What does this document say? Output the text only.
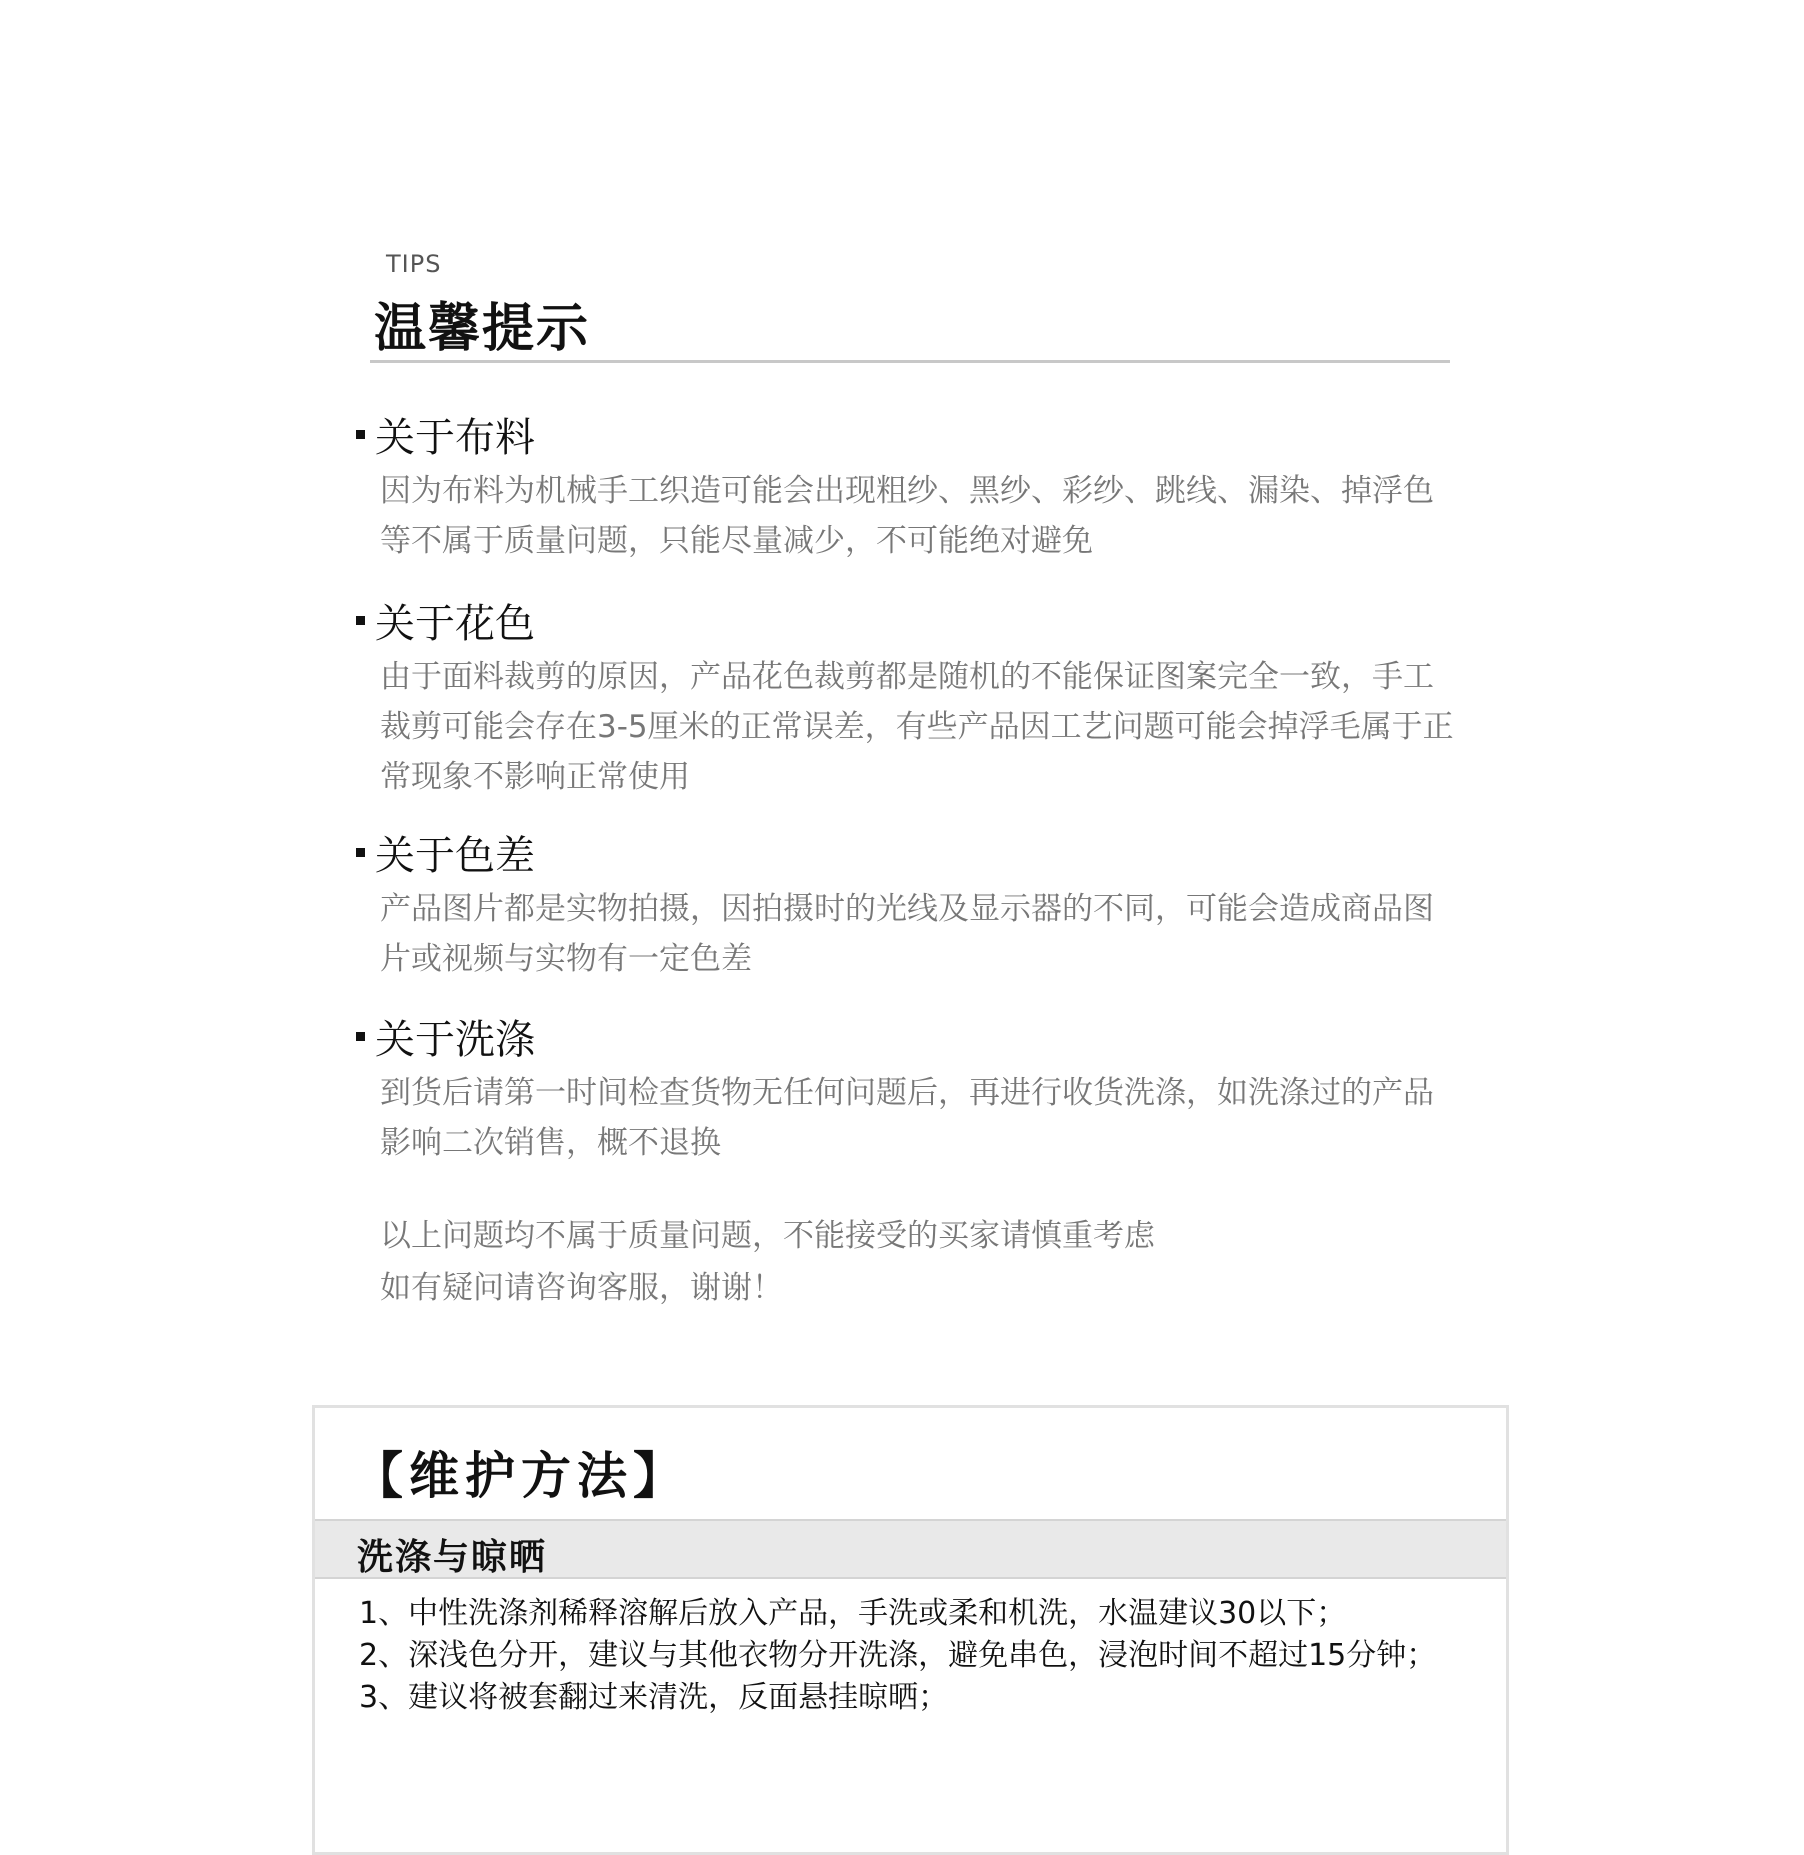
TIPS
温馨提示
关于布料

因为布料为机械手工织造可能会出现粗纱、黑纱、彩纱、跳线、漏染、掉浮色

等不属于质量问题，只能尽量减少，不可能绝对避免

关于花色

由于面料裁剪的原因，产品花色裁剪都是随机的不能保证图案完全一致，手工

裁剪可能会存在3-5厘米的正常误差，有些产品因工艺问题可能会掉浮毛属于正

常现象不影响正常使用

关于色差

产品图片都是实物拍摄，因拍摄时的光线及显示器的不同，可能会造成商品图

片或视频与实物有一定色差

关于洗涤

到货后请第一时间检查货物无任何问题后，再进行收货洗涤，如洗涤过的产品

影响二次销售，概不退换

以上问题均不属于质量问题，不能接受的买家请慎重考虑

如有疑问请咨询客服，谢谢！

【维护方法】
洗涤与晾晒
1、中性洗涤剂稀释溶解后放入产品，手洗或柔和机洗，水温建议30以下；
2、深浅色分开，建议与其他衣物分开洗涤，避免串色，浸泡时间不超过15分钟；
3、建议将被套翻过来清洗，反面悬挂晾晒；
